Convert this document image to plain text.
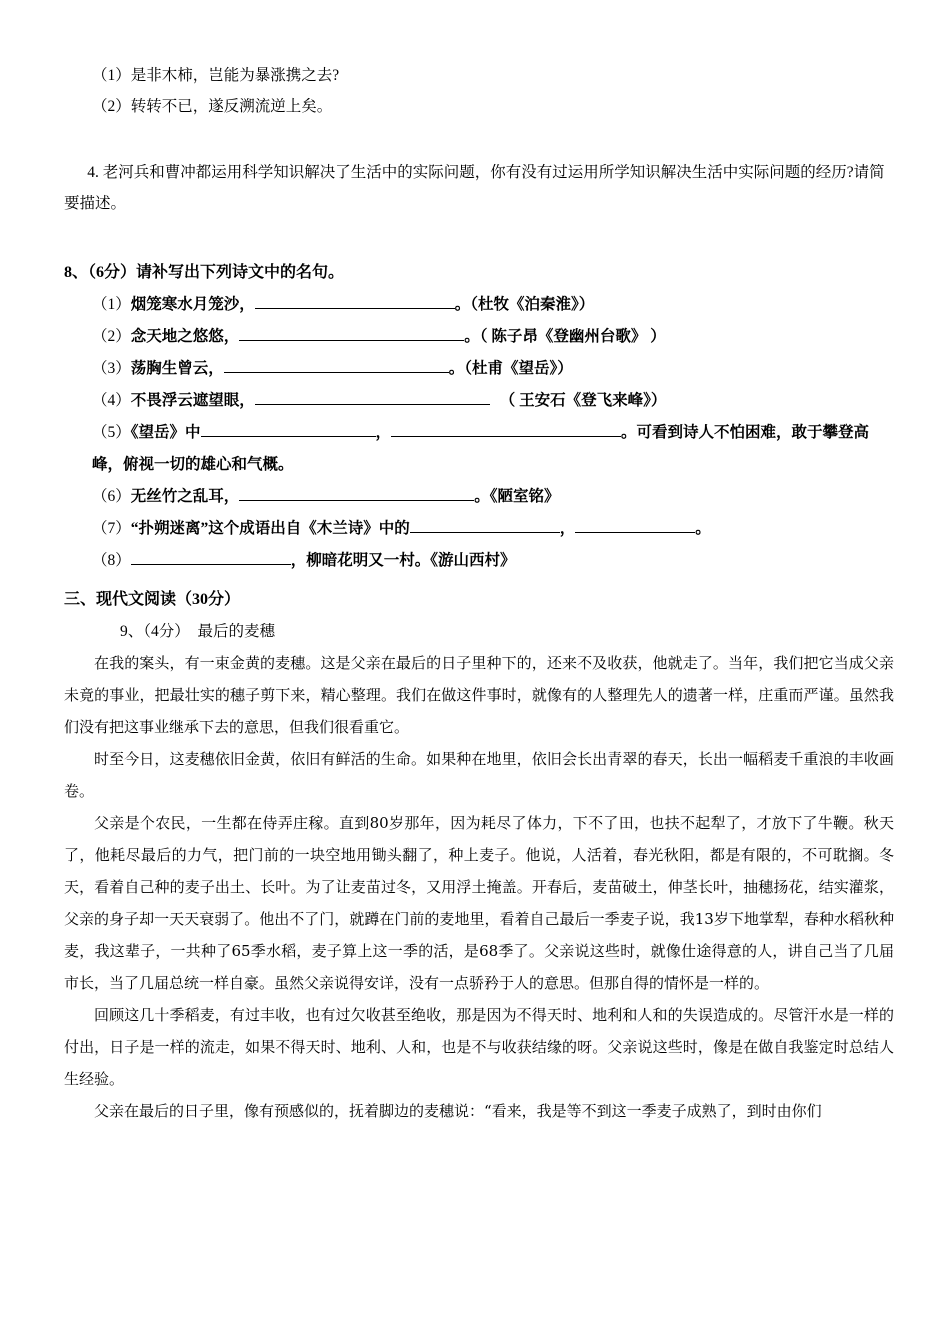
（1）是非木柿，岂能为暴涨携之去?
（2）转转不已，遂反溯流逆上矣。

4. 老河兵和曹冲都运用科学知识解决了生活中的实际问题，你有没有过运用所学知识解决生活中实际问题的经历?请简要描述。

8、（6分）请补写出下列诗文中的名句。
（1）烟笼寒水月笼沙，	。（杜牧《泊秦淮》）
（2）念天地之悠悠，	。（ 陈子昂《登幽州台歌》 ）
（3）荡胸生曾云，	。（杜甫《望岳》）
（4）不畏浮云遮望眼，	（ 王安石《登飞来峰》）
（5）《望岳》中	，	。可看到诗人不怕困难，敢于攀登高峰，俯视一切的雄心和气概。
（6）无丝竹之乱耳，	。《陋室铭》
（7）“扑朔迷离”这个成语出自《木兰诗》中的	，	。
（8）	，柳暗花明又一村。《游山西村》
三、现代文阅读（30分）
9、（4分）  最后的麦穗
在我的案头，有一束金黄的麦穗。这是父亲在最后的日子里种下的，还来不及收获，他就走了。当年，我们把它当成父亲未竟的事业，把最壮实的穗子剪下来，精心整理。我们在做这件事时，就像有的人整理先人的遗著一样，庄重而严谨。虽然我们没有把这事业继承下去的意思，但我们很看重它。
时至今日，这麦穗依旧金黄，依旧有鲜活的生命。如果种在地里，依旧会长出青翠的春天，长出一幅稻麦千重浪的丰收画卷。
父亲是个农民，一生都在侍弄庄稼。直到80岁那年，因为耗尽了体力，下不了田，也扶不起犁了，才放下了牛鞭。秋天了，他耗尽最后的力气，把门前的一块空地用锄头翻了，种上麦子。他说，人活着，春光秋阳，都是有限的，不可耽搁。冬天，看着自己种的麦子出土、长叶。为了让麦苗过冬，又用浮土掩盖。开春后，麦苗破土，伸茎长叶，抽穗扬花，结实灌浆，父亲的身子却一天天衰弱了。他出不了门，就蹲在门前的麦地里，看着自己最后一季麦子说，我13岁下地掌犁，春种水稻秋种麦，我这辈子，一共种了65季水稻，麦子算上这一季的活，是68季了。父亲说这些时，就像仕途得意的人，讲自己当了几届市长，当了几届总统一样自豪。虽然父亲说得安详，没有一点骄矜于人的意思。但那自得的情怀是一样的。
回顾这几十季稻麦，有过丰收，也有过欠收甚至绝收，那是因为不得天时、地利和人和的失误造成的。尽管汗水是一样的付出，日子是一样的流走，如果不得天时、地利、人和，也是不与收获结缘的呀。父亲说这些时，像是在做自我鉴定时总结人生经验。
父亲在最后的日子里，像有预感似的，抚着脚边的麦穗说：“看来，我是等不到这一季麦子成熟了，到时由你们
